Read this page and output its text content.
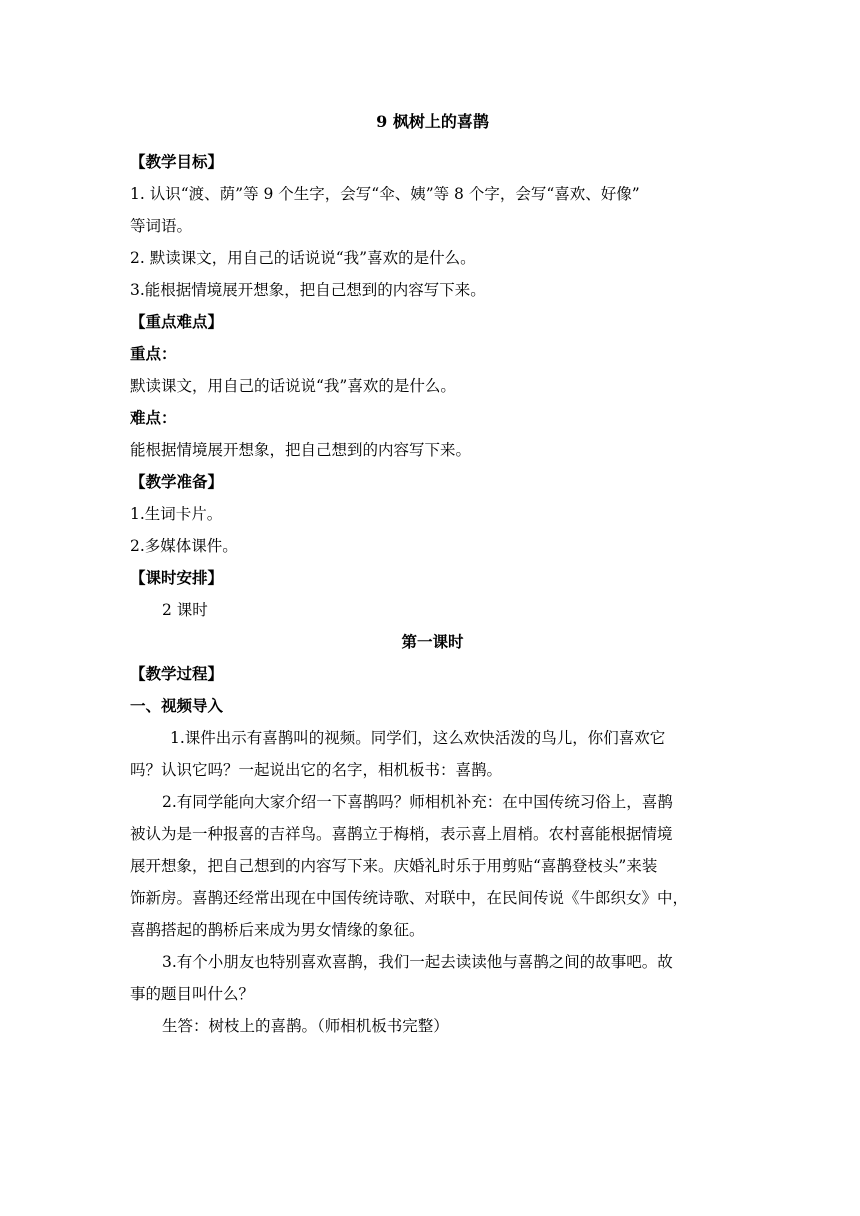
9 枫树上的喜鹊
【教学目标】
1. 认识“渡、荫”等 9 个生字，会写“伞、姨”等 8 个字，会写“喜欢、好像”
等词语。
2. 默读课文，用自己的话说说“我”喜欢的是什么。
3.能根据情境展开想象，把自己想到的内容写下来。
【重点难点】
重点：
默读课文，用自己的话说说“我”喜欢的是什么。
难点：
能根据情境展开想象，把自己想到的内容写下来。
【教学准备】
1.生词卡片。
2.多媒体课件。
【课时安排】
2 课时
第一课时
【教学过程】
一、视频导入
1.课件出示有喜鹊叫的视频。同学们，这么欢快活泼的鸟儿，你们喜欢它
吗？认识它吗？一起说出它的名字，相机板书：喜鹊。
2.有同学能向大家介绍一下喜鹊吗？师相机补充：在中国传统习俗上，喜鹊
被认为是一种报喜的吉祥鸟。喜鹊立于梅梢，表示喜上眉梢。农村喜能根据情境
展开想象，把自己想到的内容写下来。庆婚礼时乐于用剪贴“喜鹊登枝头”来装
饰新房。喜鹊还经常出现在中国传统诗歌、对联中，在民间传说《牛郎织女》中，
喜鹊搭起的鹊桥后来成为男女情缘的象征。
3.有个小朋友也特别喜欢喜鹊，我们一起去读读他与喜鹊之间的故事吧。故
事的题目叫什么？
生答：树枝上的喜鹊。（师相机板书完整）
